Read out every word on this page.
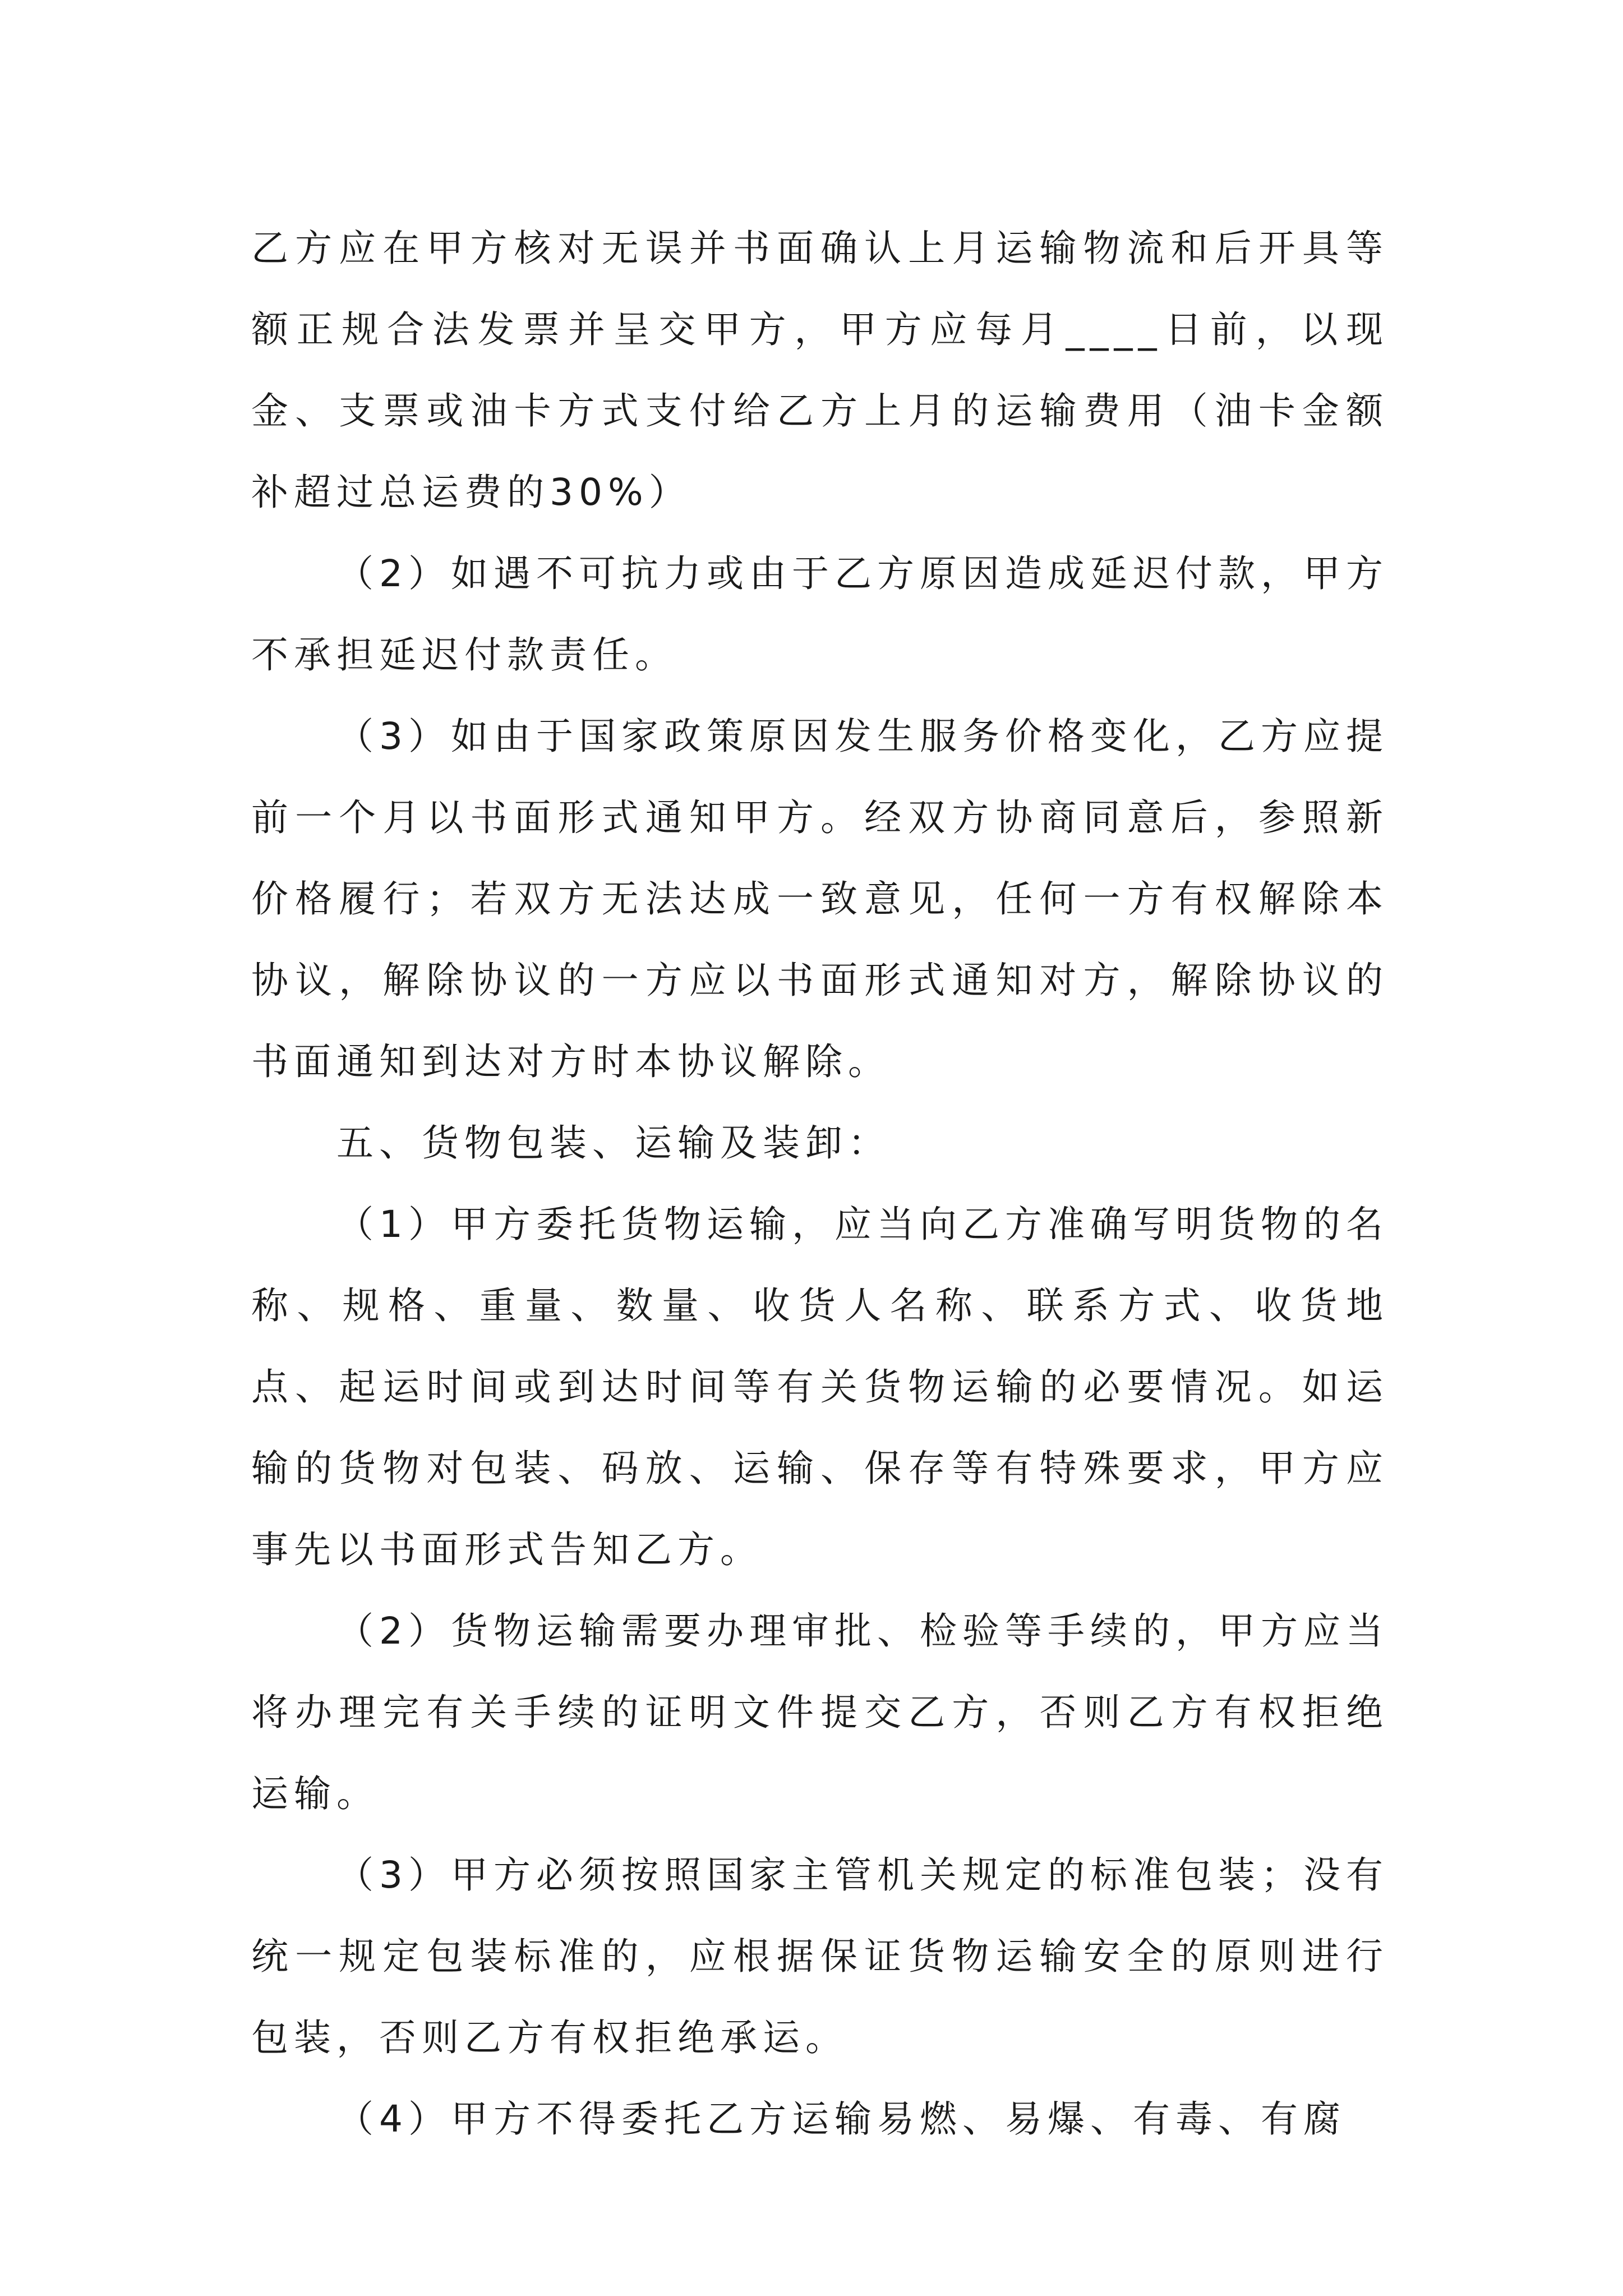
乙方应在甲方核对无误并书面确认上月运输物流和后开具等额正规合法发票并呈交甲方，甲方应每月____日前，以现金、支票或油卡方式支付给乙方上月的运输费用（油卡金额补超过总运费的30%）

（2）如遇不可抗力或由于乙方原因造成延迟付款，甲方不承担延迟付款责任。

（3）如由于国家政策原因发生服务价格变化，乙方应提前一个月以书面形式通知甲方。经双方协商同意后，参照新价格履行；若双方无法达成一致意见，任何一方有权解除本协议，解除协议的一方应以书面形式通知对方，解除协议的书面通知到达对方时本协议解除。

五、货物包装、运输及装卸：

（1）甲方委托货物运输，应当向乙方准确写明货物的名称、规格、重量、数量、收货人名称、联系方式、收货地点、起运时间或到达时间等有关货物运输的必要情况。如运输的货物对包装、码放、运输、保存等有特殊要求，甲方应事先以书面形式告知乙方。

（2）货物运输需要办理审批、检验等手续的，甲方应当将办理完有关手续的证明文件提交乙方，否则乙方有权拒绝运输。

（3）甲方必须按照国家主管机关规定的标准包装；没有统一规定包装标准的，应根据保证货物运输安全的原则进行包装，否则乙方有权拒绝承运。

（4）甲方不得委托乙方运输易燃、易爆、有毒、有腐
